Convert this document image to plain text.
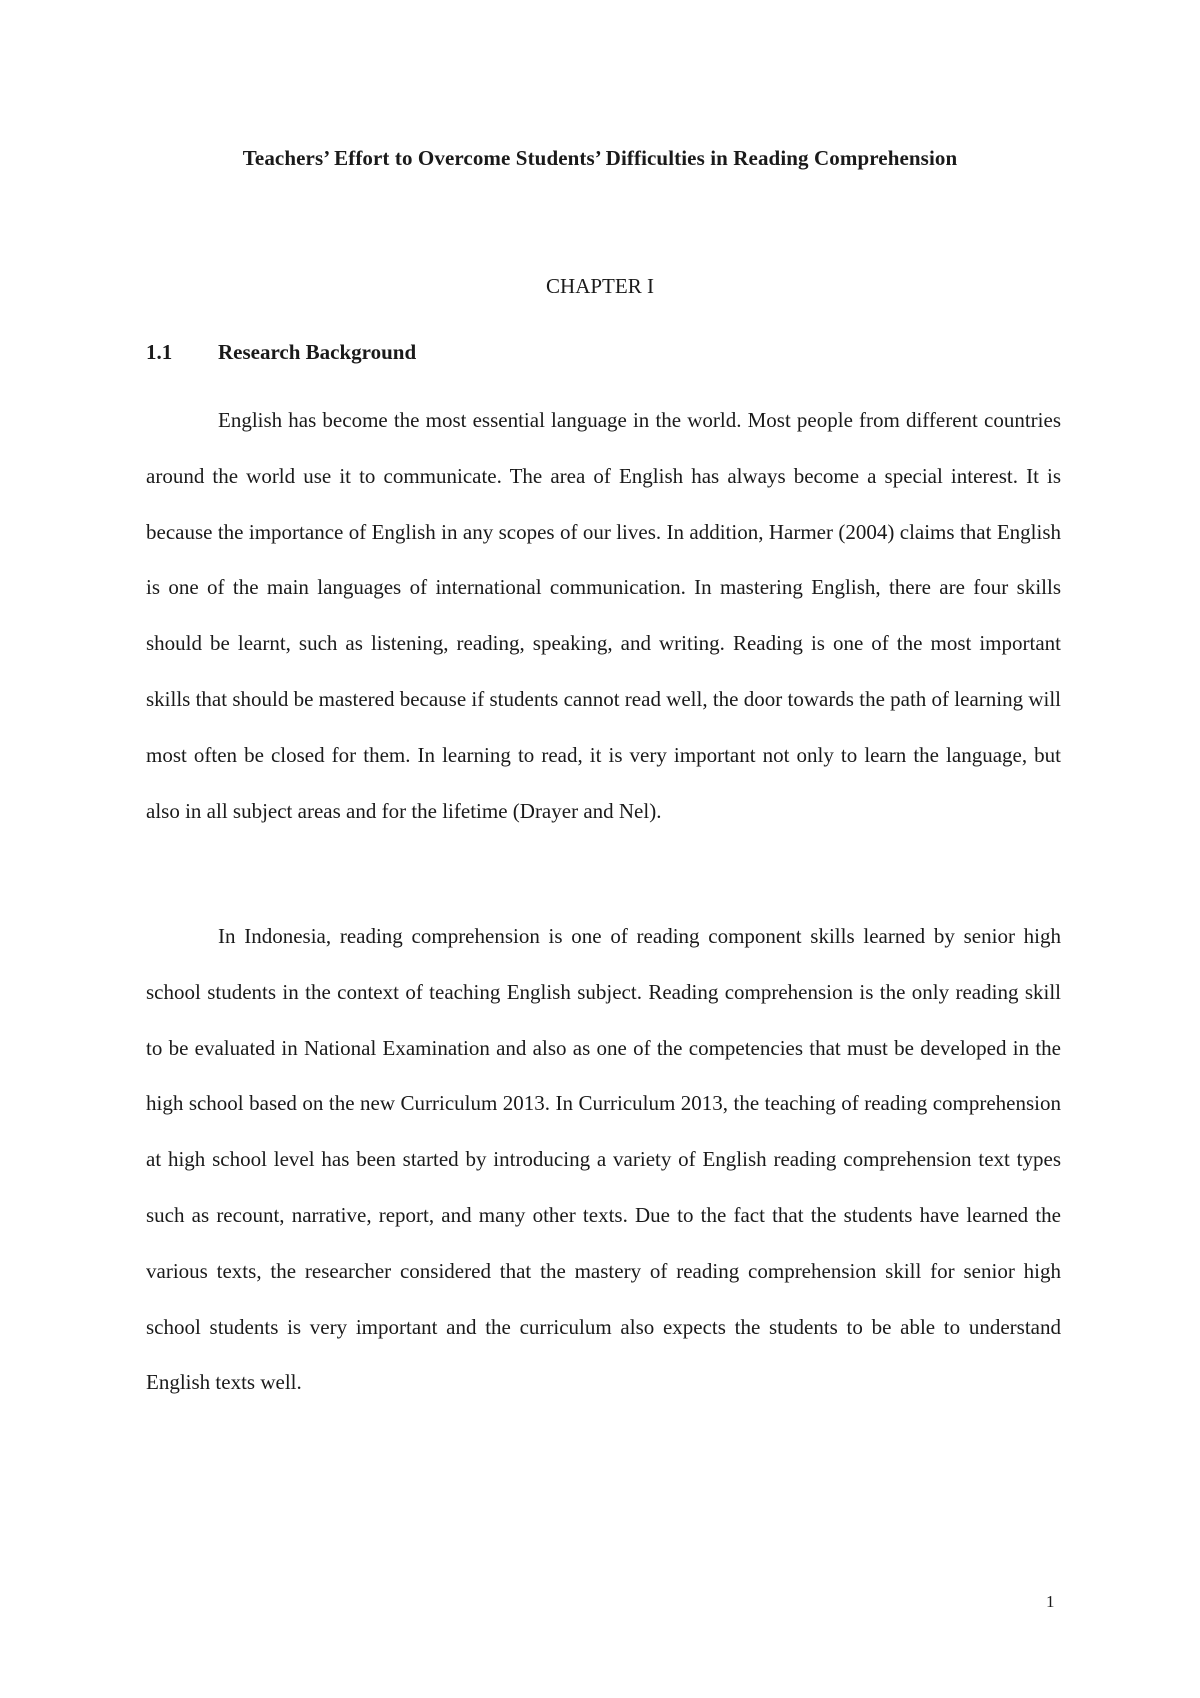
Teachers’ Effort to Overcome Students’ Difficulties in Reading Comprehension
CHAPTER I
1.1 Research Background

English has become the most essential language in the world. Most people from different countries around the world use it to communicate. The area of English has always become a special interest. It is because the importance of English in any scopes of our lives. In addition, Harmer (2004) claims that English is one of the main languages of international communication. In mastering English, there are four skills should be learnt, such as listening, reading, speaking, and writing. Reading is one of the most important skills that should be mastered because if students cannot read well, the door towards the path of learning will most often be closed for them. In learning to read, it is very important not only to learn the language, but also in all subject areas and for the lifetime (Drayer and Nel).

In Indonesia, reading comprehension is one of reading component skills learned by senior high school students in the context of teaching English subject. Reading comprehension is the only reading skill to be evaluated in National Examination and also as one of the competencies that must be developed in the high school based on the new Curriculum 2013. In Curriculum 2013, the teaching of reading comprehension at high school level has been started by introducing a variety of English reading comprehension text types such as recount, narrative, report, and many other texts. Due to the fact that the students have learned the various texts, the researcher considered that the mastery of reading comprehension skill for senior high school students is very important and the curriculum also expects the students to be able to understand English texts well.

1
